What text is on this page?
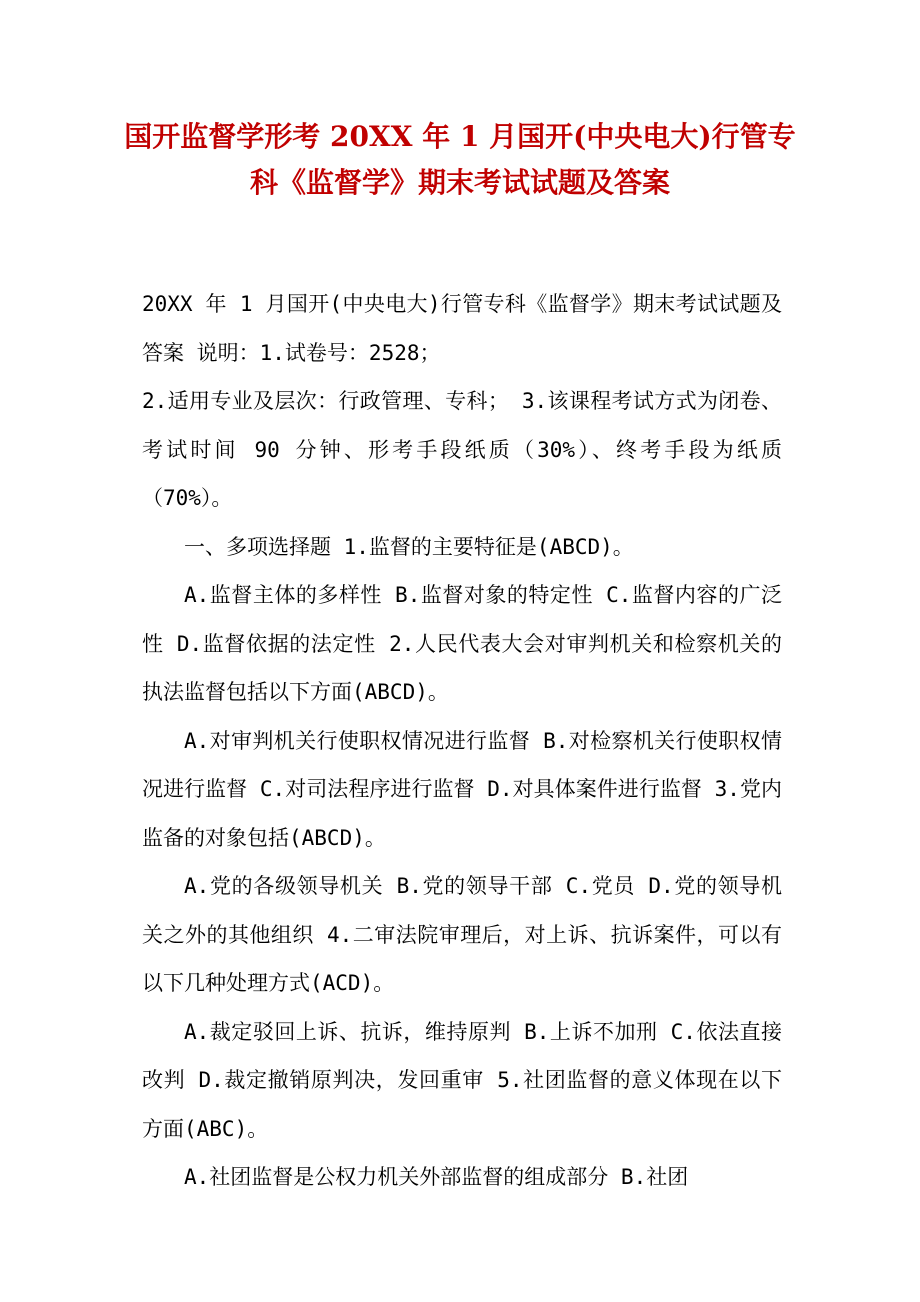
国开监督学形考 20XX 年 1 月国开(中央电大)行管专科《监督学》期末考试试题及答案

20XX 年 1 月国开(中央电大)行管专科《监督学》期末考试试题及答案 说明：1.试卷号：2528；

2.适用专业及层次：行政管理、专科； 3.该课程考试方式为闭卷、考试时间 90 分钟、形考手段纸质（30%）、终考手段为纸质（70%）。

一、多项选择题 1.监督的主要特征是(ABCD)。

A.监督主体的多样性 B.监督对象的特定性 C.监督内容的广泛性 D.监督依据的法定性 2.人民代表大会对审判机关和检察机关的执法监督包括以下方面(ABCD)。

A.对审判机关行使职权情况进行监督 B.对检察机关行使职权情况进行监督 C.对司法程序进行监督 D.对具体案件进行监督 3.党内监备的对象包括(ABCD)。

A.党的各级领导机关 B.党的领导干部 C.党员 D.党的领导机关之外的其他组织 4.二审法院审理后，对上诉、抗诉案件，可以有以下几种处理方式(ACD)。

A.裁定驳回上诉、抗诉，维持原判 B.上诉不加刑 C.依法直接改判 D.裁定撤销原判决，发回重审 5.社团监督的意义体现在以下方面(ABC)。

A.社团监督是公权力机关外部监督的组成部分 B.社团
